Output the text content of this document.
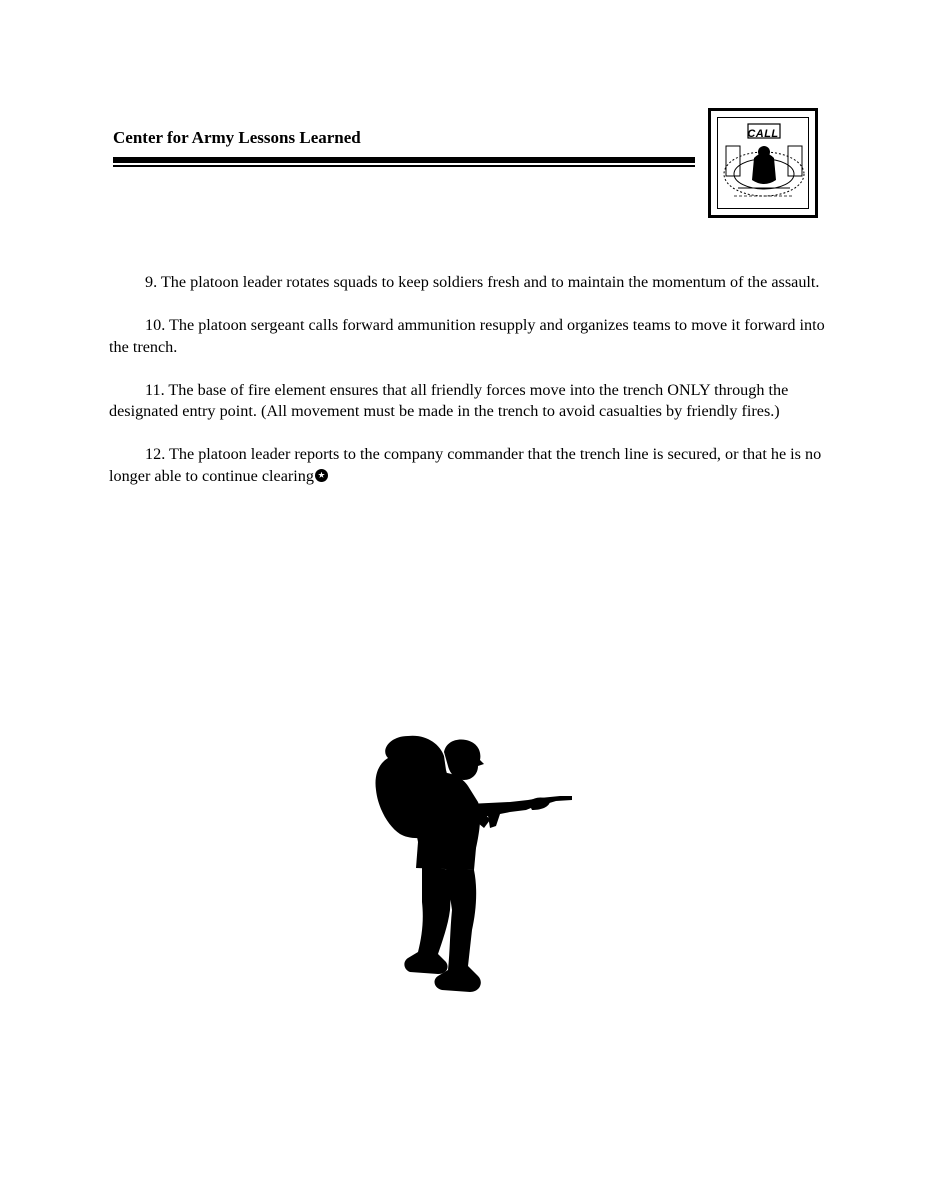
Center for Army Lessons Learned	CALL

9. The platoon leader rotates squads to keep soldiers fresh and to maintain the momentum of the assault.

10. The platoon sergeant calls forward ammunition resupply and organizes teams to move it forward into the trench.

11. The base of fire element ensures that all friendly forces move into the trench ONLY through the designated entry point. (All movement must be made in the trench to avoid casualties by friendly fires.)

12. The platoon leader reports to the company commander that the trench line is secured, or that he is no longer able to continue clearing
